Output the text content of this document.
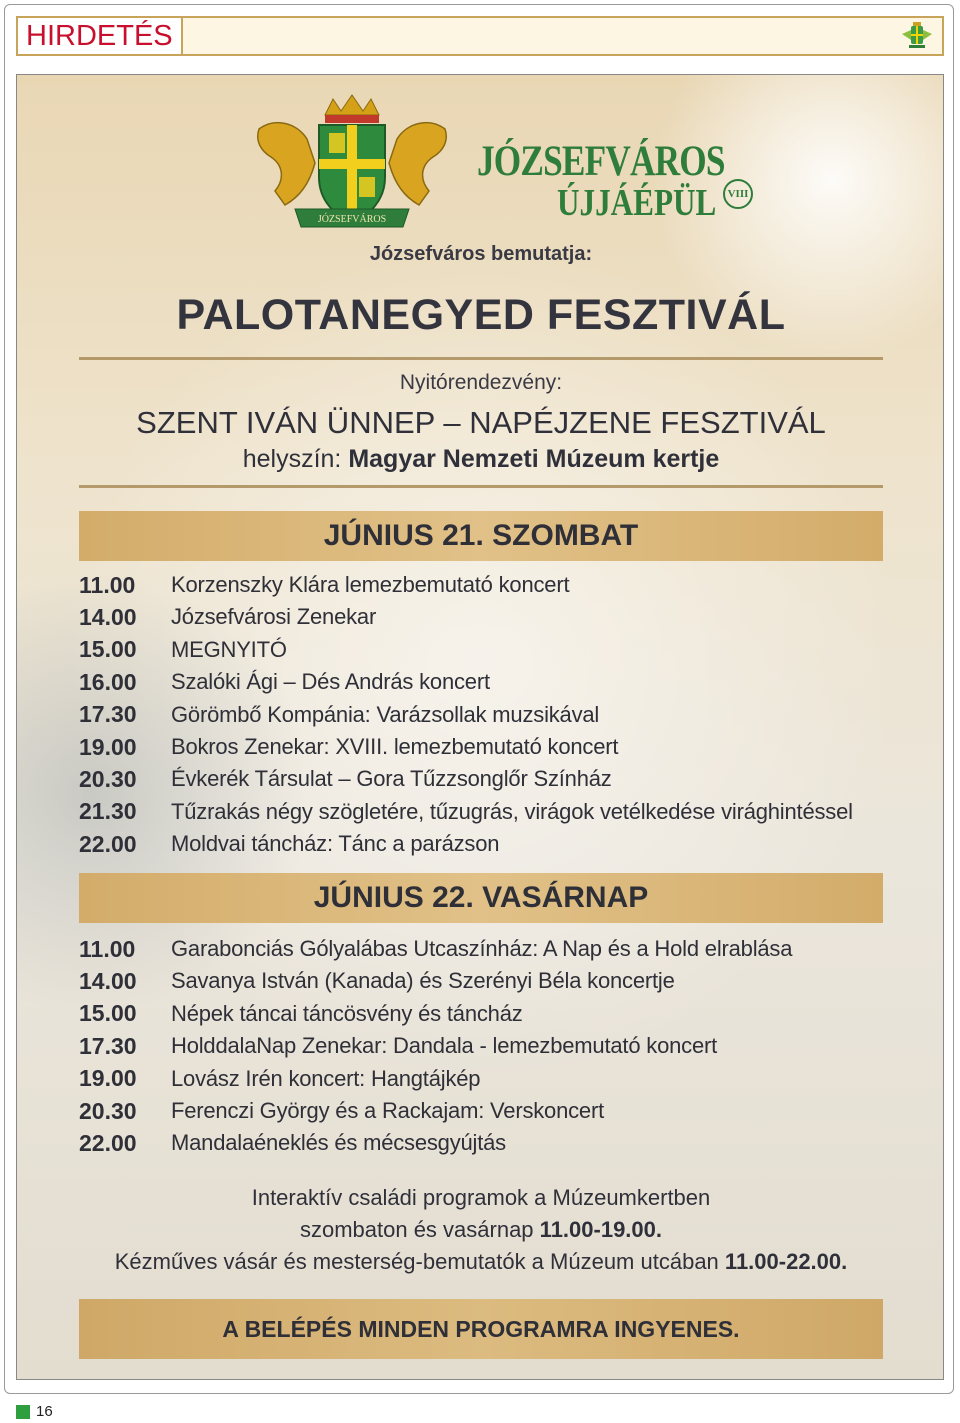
HIRDETÉS
JÓZSEFVÁROS
JÓZSEFVÁROS
ÚJJÁÉPÜL	VIII
Józsefváros bemutatja:
PALOTANEGYED FESZTIVÁL
Nyitórendezvény:
SZENT IVÁN ÜNNEP – NAPÉJZENE FESZTIVÁL
helyszín: Magyar Nemzeti Múzeum kertje
JÚNIUS 21. SZOMBAT
11.00	Korzenszky Klára lemezbemutató koncert
14.00	Józsefvárosi Zenekar
15.00	MEGNYITÓ
16.00	Szalóki Ági – Dés András koncert
17.30	Görömbő Kompánia: Varázsollak muzsikával
19.00	Bokros Zenekar: XVIII. lemezbemutató koncert
20.30	Évkerék Társulat – Gora Tűzzsonglőr Színház
21.30	Tűzrakás négy szögletére, tűzugrás, virágok vetélkedése virághintéssel
22.00	Moldvai táncház: Tánc a parázson
JÚNIUS 22. VASÁRNAP
11.00	Garabonciás Gólyalábas Utcaszínház: A Nap és a Hold elrablása
14.00	Savanya István (Kanada) és Szerényi Béla koncertje
15.00	Népek táncai táncösvény és táncház
17.30	HolddalaNap Zenekar: Dandala - lemezbemutató koncert
19.00	Lovász Irén koncert: Hangtájkép
20.30	Ferenczi György és a Rackajam: Verskoncert
22.00	Mandalaéneklés és mécsesgyújtás
Interaktív családi programok a Múzeumkertben
szombaton és vasárnap 11.00-19.00.
Kézműves vásár és mesterség-bemutatók a Múzeum utcában 11.00-22.00.
A BELÉPÉS MINDEN PROGRAMRA INGYENES.
16
